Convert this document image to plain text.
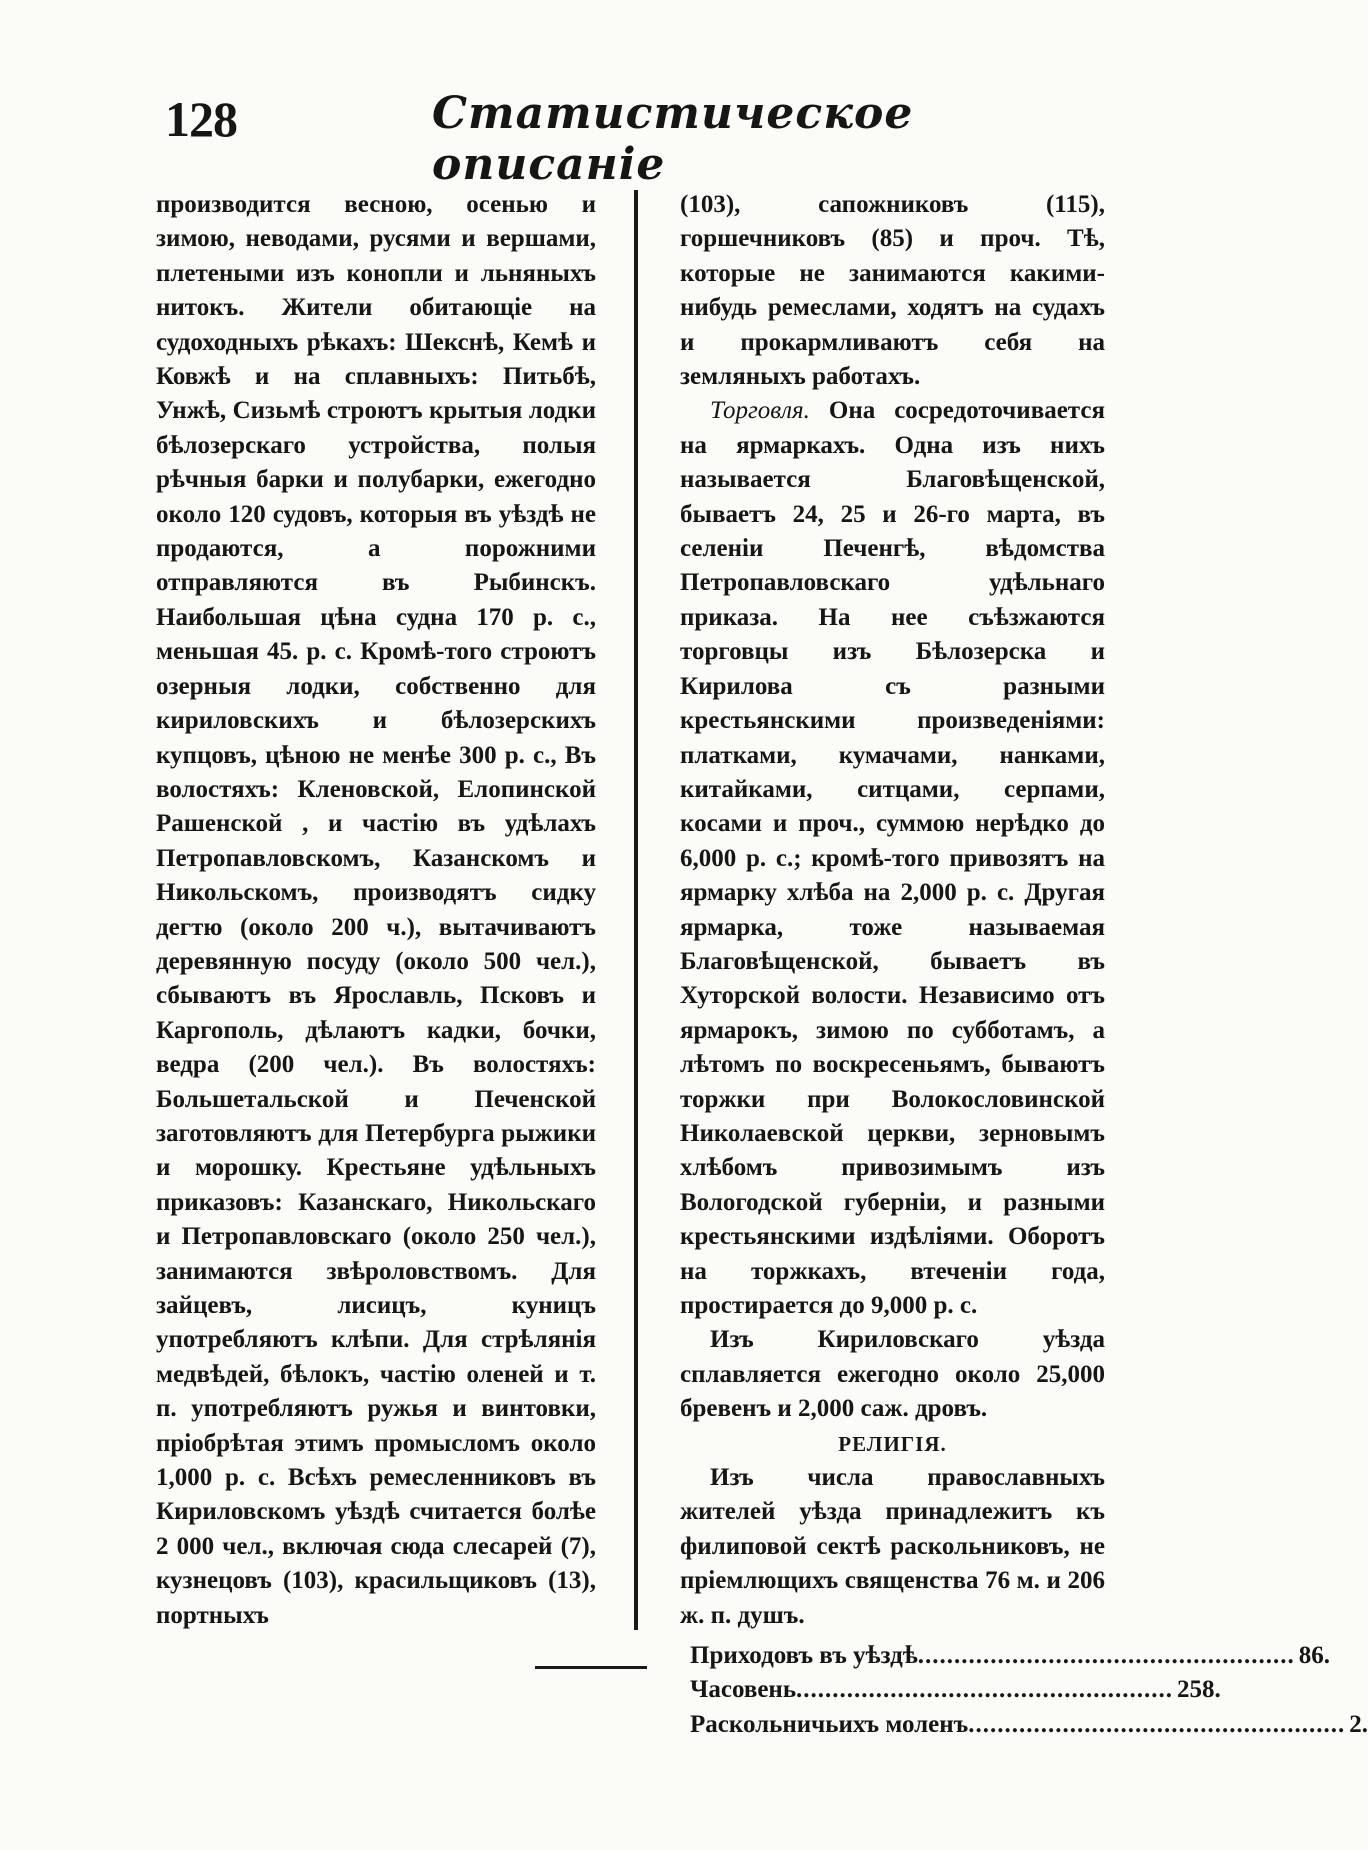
128	Статистическое описаніе

производится весною, осенью и зимою, неводами, русями и вершами, плетеными изъ конопли и льняныхъ нитокъ. Жители обитающіе на судоходныхъ рѣкахъ: Шекснѣ, Кемѣ и Ковжѣ и на сплавныхъ: Питьбѣ, Унжѣ, Сизьмѣ строютъ крытыя лодки бѣлозерскаго устройства, полыя рѣчныя барки и полубарки, ежегодно около 120 судовъ, которыя въ уѣздѣ не продаются, а порожними отправляются въ Рыбинскъ. Наибольшая цѣна судна 170 р. с., меньшая 45. р. с. Кромѣ-того строютъ озерныя лодки, собственно для кириловскихъ и бѣлозерскихъ купцовъ, цѣною не менѣе 300 р. с., Въ волостяхъ: Кленовской, Елопинской Рашенской , и частію въ удѣлахъ Петропавловскомъ, Казанскомъ и Никольскомъ, производятъ сидку дегтю (около 200 ч.), вытачиваютъ деревянную посуду (около 500 чел.), сбываютъ въ Ярославль, Псковъ и Каргополь, дѣлаютъ кадки, бочки, ведра (200 чел.). Въ волостяхъ: Большетальской и Печенской заготовляютъ для Петербурга рыжики и морошку. Крестьяне удѣльныхъ приказовъ: Казанскаго, Никольскаго и Петропавловскаго (около 250 чел.), занимаются звѣроловствомъ. Для зайцевъ, лисицъ, куницъ употребляютъ клѣпи. Для стрѣлянія медвѣдей, бѣлокъ, частію оленей и т. п. употребляютъ ружья и винтовки, пріобрѣтая этимъ промысломъ около 1,000 р. с. Всѣхъ ремесленниковъ въ Кириловскомъ уѣздѣ считается болѣе 2 000 чел., включая сюда слесарей (7), кузнецовъ (103), красильщиковъ (13), портныхъ

(103), сапожниковъ (115), горшечниковъ (85) и проч. Тѣ, которые не занимаются какими-нибудь ремеслами, ходятъ на судахъ и прокармливаютъ себя на земляныхъ работахъ.

Торговля. Она сосредоточивается на ярмаркахъ. Одна изъ нихъ называется Благовѣщенской, бываетъ 24, 25 и 26-го марта, въ селеніи Печенгѣ, вѣдомства Петропавловскаго удѣльнаго приказа. На нее съѣзжаются торговцы изъ Бѣлозерска и Кирилова съ разными крестьянскими произведеніями: платками, кумачами, нанками, китайками, ситцами, серпами, косами и проч., суммою нерѣдко до 6,000 р. с.; кромѣ-того привозятъ на ярмарку хлѣба на 2,000 р. с. Другая ярмарка, тоже называемая Благовѣщенской, бываетъ въ Хуторской волости. Независимо отъ ярмарокъ, зимою по субботамъ, а лѣтомъ по воскресеньямъ, бываютъ торжки при Волокословинской Николаевской церкви, зерновымъ хлѣбомъ привозимымъ изъ Вологодской губерніи, и разными крестьянскими издѣліями. Оборотъ на торжкахъ, втеченіи года, простирается до 9,000 р. с.

Изъ Кириловскаго уѣзда сплавляется ежегодно около 25,000 бревенъ и 2,000 саж. дровъ.

РЕЛИГІЯ.

Изъ числа православныхъ жителей уѣзда принадлежитъ къ филиповой сектѣ раскольниковъ, не пріемлющихъ священства 76 м. и 206 ж. п. душъ.

Приходовъ въ уѣздѣ .................................................... 86.
Часовень .................................................... 258.
Раскольничьихъ моленъ .................................................... 2.
